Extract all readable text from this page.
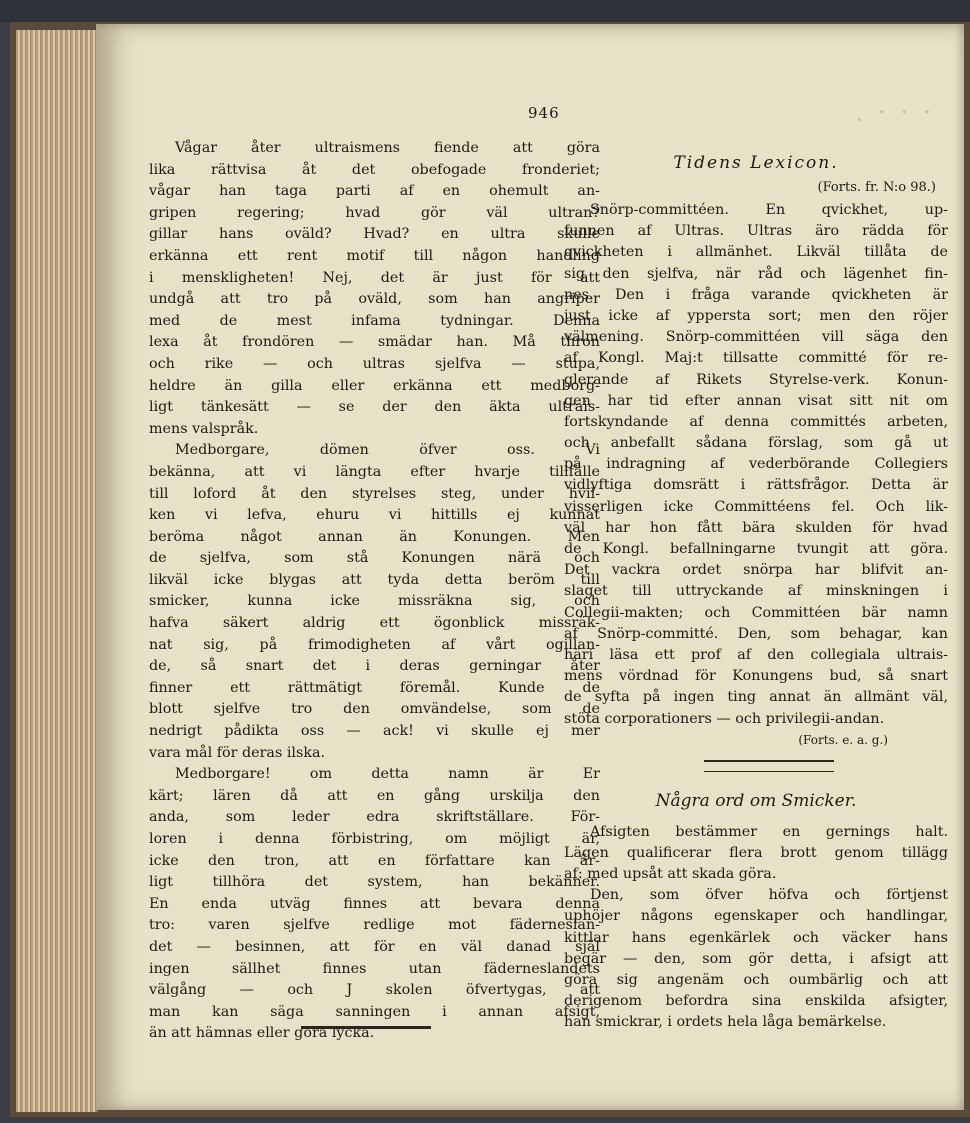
. · · ·
946
Vågar åter ultraismens fiende att göra
lika rättvisa åt det obefogade fronderiet;
vågar han taga parti af en ohemult an-
gripen regering; hvad gör väl ultran?
gillar hans oväld? Hvad? en ultra skulle
erkänna ett rent motif till någon handling
i menskligheten! Nej, det är just för att
undgå att tro på oväld, som han angriper
med de mest infama tydningar. Denna
lexa åt frondören — smädar han. Må thron
och rike — och ultras sjelfva — stupa,
heldre än gilla eller erkänna ett medborg-
ligt tänkesätt — se der den äkta ultrais-
mens valspråk.
Medborgare, dömen öfver oss. Vi
bekänna, att vi längta efter hvarje tillfälle
till loford åt den styrelses steg, under hvil-
ken vi lefva, ehuru vi hittills ej kunnat
beröma något annan än Konungen. Men
de sjelfva, som stå Konungen närä och
likväl icke blygas att tyda detta beröm till
smicker, kunna icke missräkna sig, och
hafva säkert aldrig ett ögonblick missräk-
nat sig, på frimodigheten af vårt ogillan-
de, så snart det i deras gerningar åter
finner ett rättmätigt föremål. Kunde de
blott sjelfve tro den omvändelse, som de
nedrigt pådikta oss — ack! vi skulle ej mer
vara mål för deras ilska.
Medborgare! om detta namn är Er
kärt; lären då att en gång urskilja den
anda, som leder edra skriftställare. För-
loren i denna förbistring, om möjligt är,
icke den tron, att en författare kan är-
ligt tillhöra det system, han bekänner.
En enda utväg finnes att bevara denna
tro: varen sjelfve redlige mot fäderneslan-
det — besinnen, att för en väl danad själ
ingen sällhet finnes utan fäderneslandets
välgång — och J skolen öfvertygas, att
man kan säga sanningen i annan afsigt,
än att hämnas eller göra lycka.
Tidens Lexicon.
(Forts. fr. N:o 98.)
Snörp-committéen. En qvickhet, up-
funnen af Ultras. Ultras äro rädda för
qvickheten i allmänhet. Likväl tillåta de
sig den sjelfva, när råd och lägenhet fin-
nes. Den i fråga varande qvickheten är
just icke af yppersta sort; men den röjer
välmening. Snörp-committéen vill säga den
af Kongl. Maj:t tillsatte committé för re-
glerande af Rikets Styrelse-verk. Konun-
gen har tid efter annan visat sitt nit om
fortskyndande af denna committés arbeten,
och anbefallt sådana förslag, som gå ut
på indragning af vederbörande Collegiers
vidlyftiga domsrätt i rättsfrågor. Detta är
visserligen icke Committéens fel. Och lik-
väl har hon fått bära skulden för hvad
de Kongl. befallningarne tvungit att göra.
Det vackra ordet snörpa har blifvit an-
slaget till uttryckande af minskningen i
Collegii-makten; och Committéen bär namn
af Snörp-committé. Den, som behagar, kan
häri läsa ett prof af den collegiala ultrais-
mens vördnad för Konungens bud, så snart
de syfta på ingen ting annat än allmänt väl,
stöta corporationers — och privilegii-andan.
(Forts. e. a. g.)
Några ord om Smicker.
Afsigten bestämmer en gernings halt.
Lägen qualificerar flera brott genom tillägg
af: med upsåt att skada göra.
Den, som öfver höfva och förtjenst
uphöjer någons egenskaper och handlingar,
kittlar hans egenkärlek och väcker hans
begär — den, som gör detta, i afsigt att
göra sig angenäm och oumbärlig och att
derigenom befordra sina enskilda afsigter,
han smickrar, i ordets hela låga bemärkelse.
